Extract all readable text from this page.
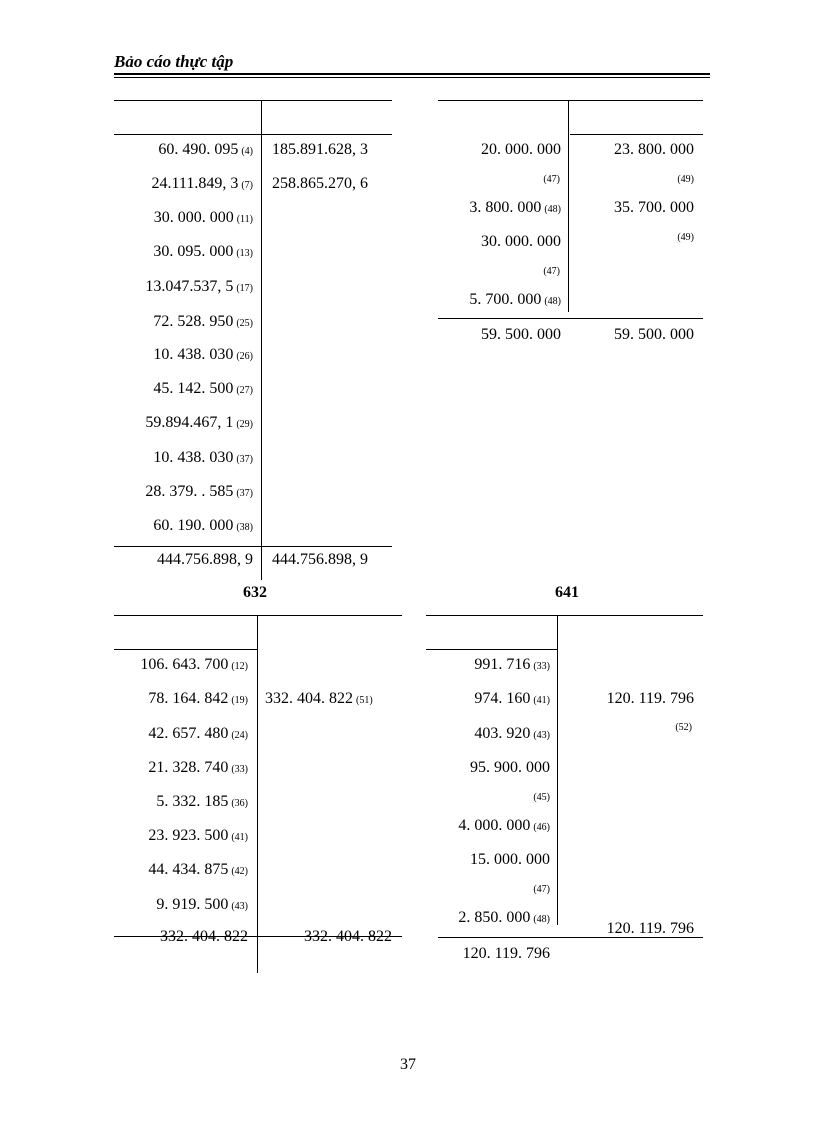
Bảo cáo thực tập
60. 490. 095 (4)
24.111.849, 3 (7)
30. 000. 000 (11)
30. 095. 000 (13)
13.047.537, 5 (17)
72. 528. 950 (25)
10. 438. 030 (26)
45. 142. 500 (27)
59.894.467, 1 (29)
10. 438. 030 (37)
28. 379. . 585 (37)
60. 190. 000 (38)
185.891.628, 3
258.865.270, 6
444.756.898, 9 444.756.898, 9
20. 000. 000
(47)
3. 800. 000 (48)
30. 000. 000
(47)
5. 700. 000 (48)
23. 800. 000
(49)
35. 700. 000
(49)
59. 500. 000	59. 500. 000
632
106. 643. 700 (12)
78. 164. 842 (19)
42. 657. 480 (24)
21. 328. 740 (33)
5. 332. 185 (36)
23. 923. 500 (41)
44. 434. 875 (42)
9. 919. 500 (43)
332. 404. 822 (51)
332. 404. 822	332. 404. 822
641
991. 716 (33)
974. 160 (41)
403. 920 (43)
95. 900. 000
(45)
4. 000. 000 (46)
15. 000. 000
(47)
2. 850. 000 (48)
120. 119. 796
(52)
120. 119. 796
120. 119. 796
37
